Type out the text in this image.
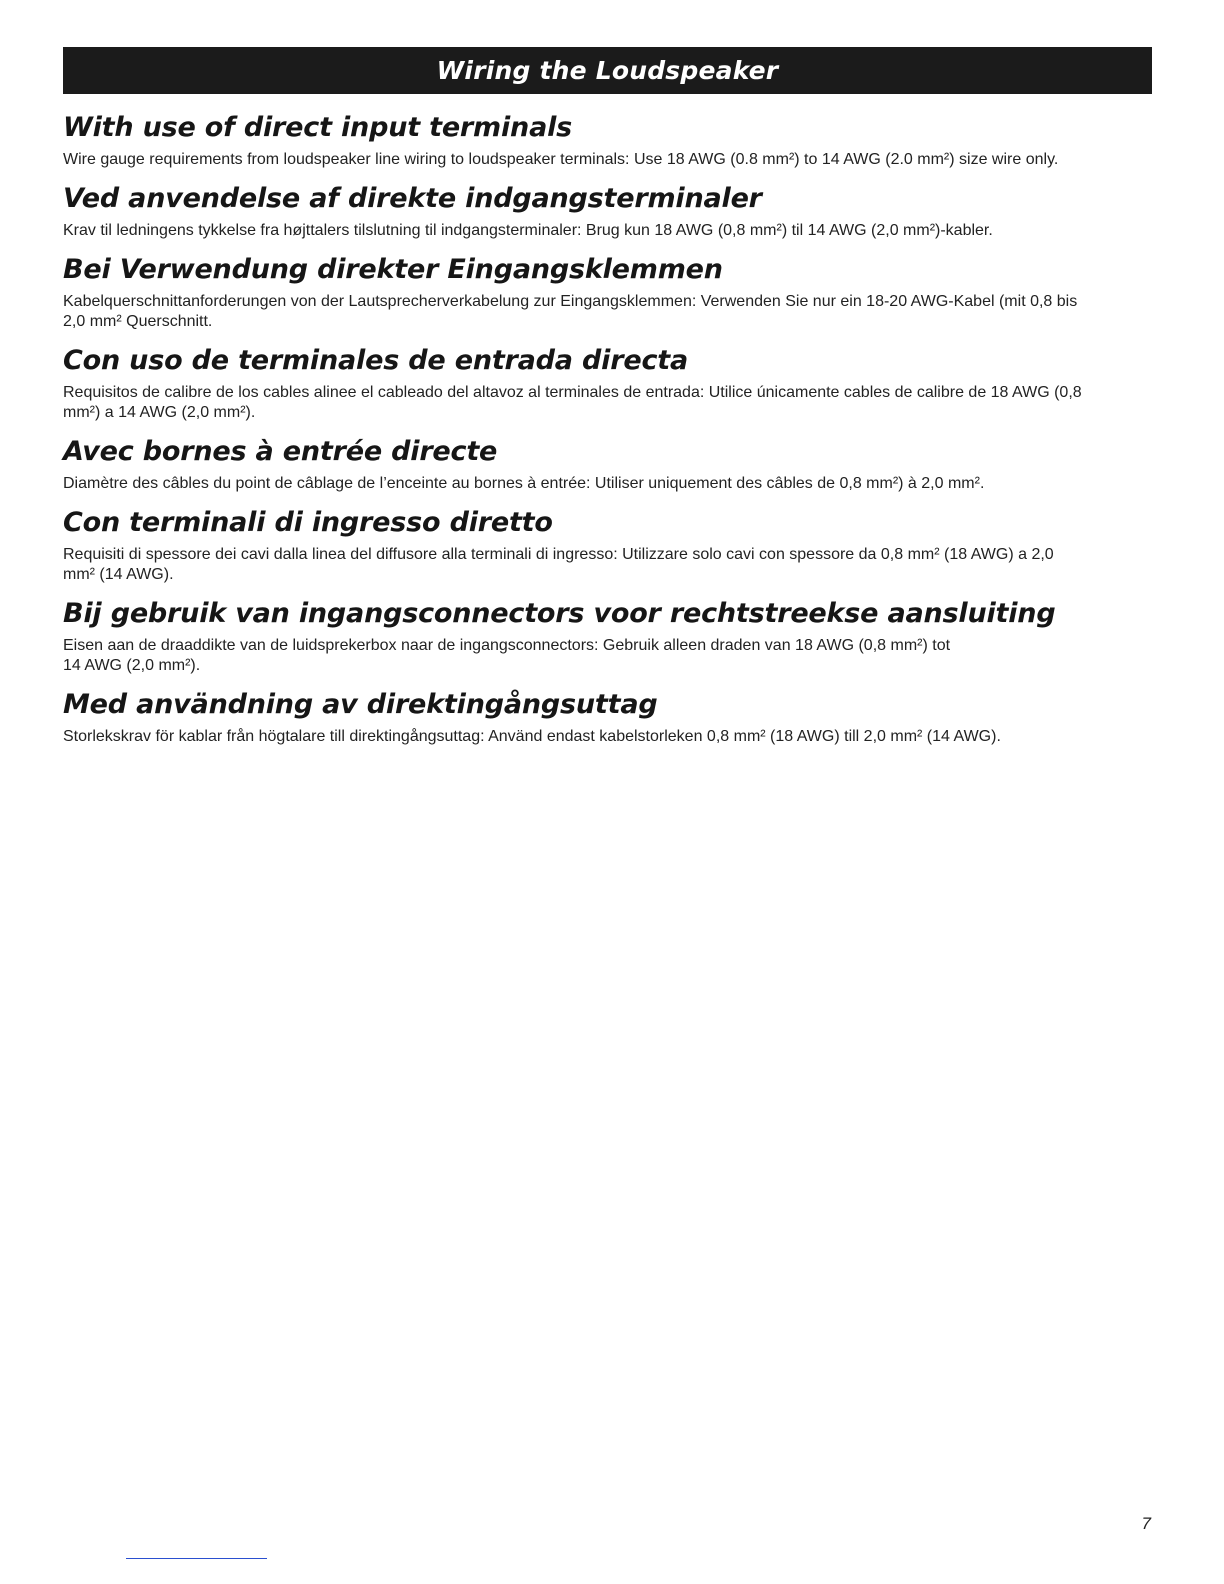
Wiring the Loudspeaker
With use of direct input terminals

Wire gauge requirements from loudspeaker line wiring to loudspeaker terminals: Use 18 AWG (0.8 mm²) to 14 AWG (2.0 mm²) size wire only.

Ved anvendelse af direkte indgangsterminaler

Krav til ledningens tykkelse fra højttalers tilslutning til indgangsterminaler: Brug kun 18 AWG (0,8 mm²) til 14 AWG (2,0 mm²)-kabler.

Bei Verwendung direkter Eingangsklemmen

Kabelquerschnittanforderungen von der Lautsprecherverkabelung zur Eingangsklemmen: Verwenden Sie nur ein 18-20 AWG-Kabel (mit 0,8 bis
2,0 mm² Querschnitt.

Con uso de terminales de entrada directa

Requisitos de calibre de los cables alinee el cableado del altavoz al terminales de entrada: Utilice únicamente cables de calibre de 18 AWG (0,8
mm²) a 14 AWG (2,0 mm²).

Avec bornes à entrée directe

Diamètre des câbles du point de câblage de l’enceinte au bornes à entrée: Utiliser uniquement des câbles de 0,8 mm²) à 2,0 mm².

Con terminali di ingresso diretto

Requisiti di spessore dei cavi dalla linea del diffusore alla terminali di ingresso: Utilizzare solo cavi con spessore da 0,8 mm² (18 AWG) a 2,0
mm² (14 AWG).

Bij gebruik van ingangsconnectors voor rechtstreekse aansluiting

Eisen aan de draaddikte van de luidsprekerbox naar de ingangsconnectors: Gebruik alleen draden van 18 AWG (0,8 mm²) tot
14 AWG (2,0 mm²).

Med användning av direktingångsuttag

Storlekskrav för kablar från högtalare till direktingångsuttag: Använd endast kabelstorleken 0,8 mm² (18 AWG) till 2,0 mm² (14 AWG).

7
